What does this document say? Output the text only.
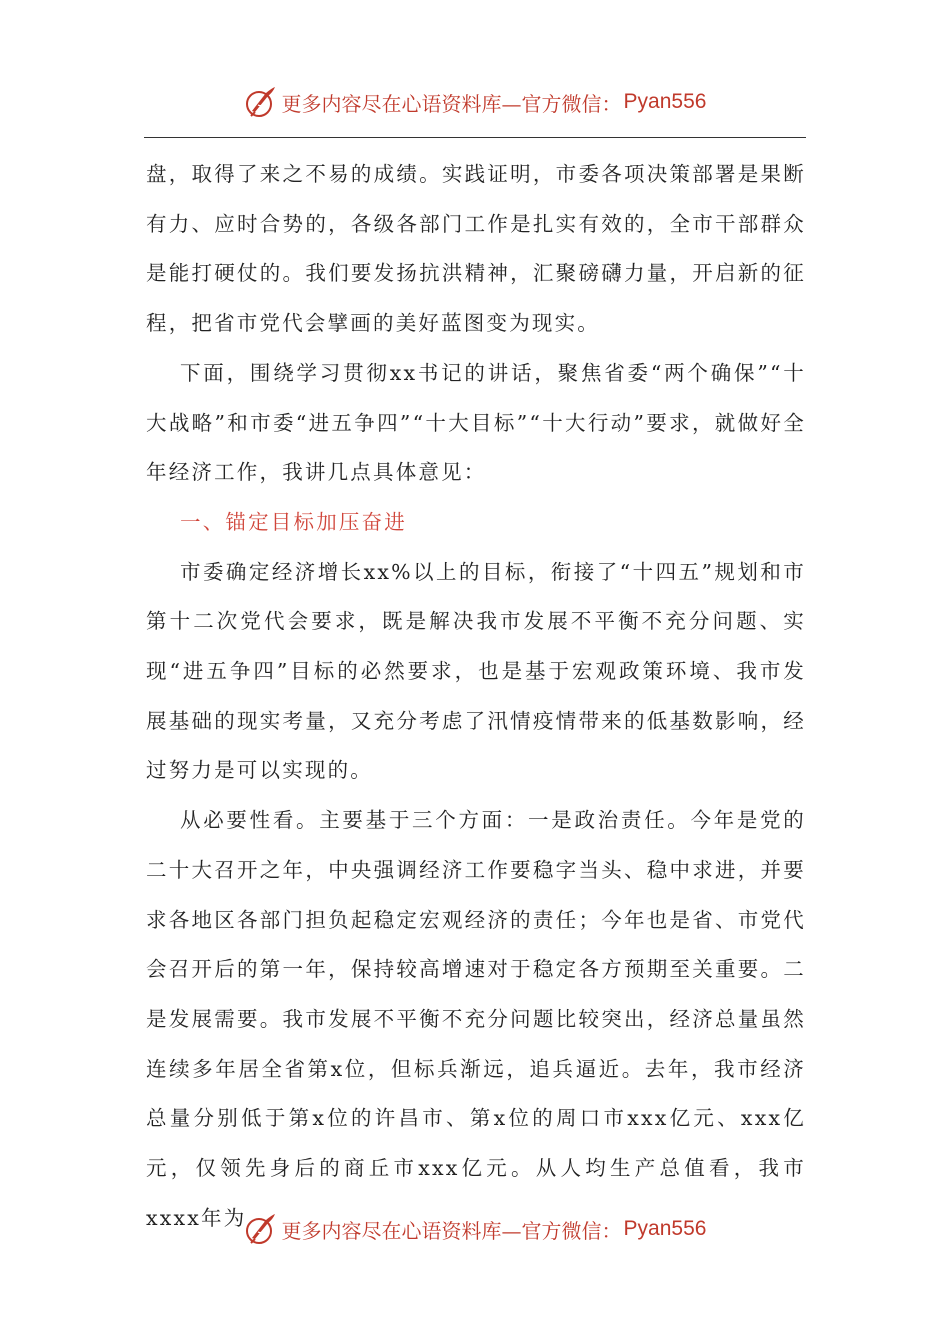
更多内容尽在心语资料库—官方微信： Pyan556

盘，取得了来之不易的成绩。实践证明，市委各项决策部署是果断有力、应时合势的，各级各部门工作是扎实有效的，全市干部群众是能打硬仗的。我们要发扬抗洪精神，汇聚磅礴力量，开启新的征程，把省市党代会擘画的美好蓝图变为现实。

下面，围绕学习贯彻xx书记的讲话，聚焦省委“两个确保”“十大战略”和市委“进五争四”“十大目标”“十大行动”要求，就做好全年经济工作，我讲几点具体意见：

一、锚定目标加压奋进

市委确定经济增长xx%以上的目标，衔接了“十四五”规划和市第十二次党代会要求，既是解决我市发展不平衡不充分问题、实现“进五争四”目标的必然要求，也是基于宏观政策环境、我市发展基础的现实考量，又充分考虑了汛情疫情带来的低基数影响，经过努力是可以实现的。

从必要性看。主要基于三个方面：一是政治责任。今年是党的二十大召开之年，中央强调经济工作要稳字当头、稳中求进，并要求各地区各部门担负起稳定宏观经济的责任；今年也是省、市党代会召开后的第一年，保持较高增速对于稳定各方预期至关重要。二是发展需要。我市发展不平衡不充分问题比较突出，经济总量虽然连续多年居全省第x位，但标兵渐远，追兵逼近。去年，我市经济总量分别低于第x位的许昌市、第x位的周口市xxx亿元、xxx亿元，仅领先身后的商丘市xxx亿元。从人均生产总值看，我市xxxx年为

更多内容尽在心语资料库—官方微信： Pyan556
